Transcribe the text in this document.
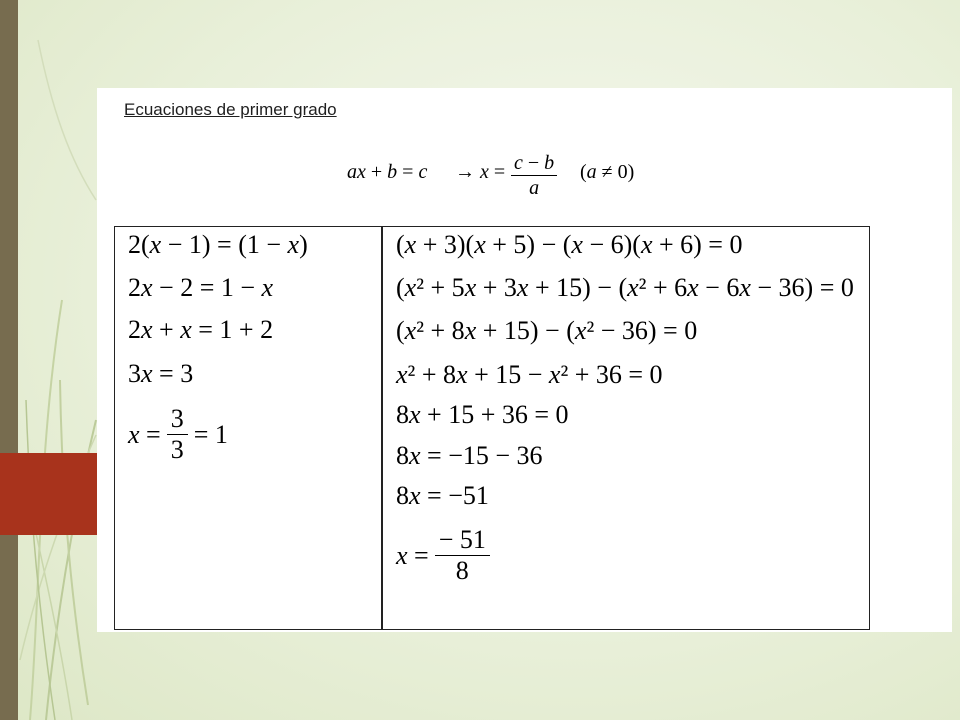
Ecuaciones de primer grado
ax + $b = c \to x = \frac{c - b}{a} (a \ne 0)$
2(x − 1) = (1 − x)
2x − 2 = 1 − x
2x + x = 1 + 2
3x = 3
$x = \frac{3}{3} = 1$
(x + 3)(x + 5) − (x − 6)(x + 6) = 0
(x² + 5x + 3x + 15) − (x² + 6x − 6x − 36) = 0
(x² + 8x + 15) − (x² − 36) = 0
x² + 8x + 15 − x² + 36 = 0
8x + 15 + 36 = 0
8x = −15 − 36
8x = −51
$x = \frac{- 51}{8}$
